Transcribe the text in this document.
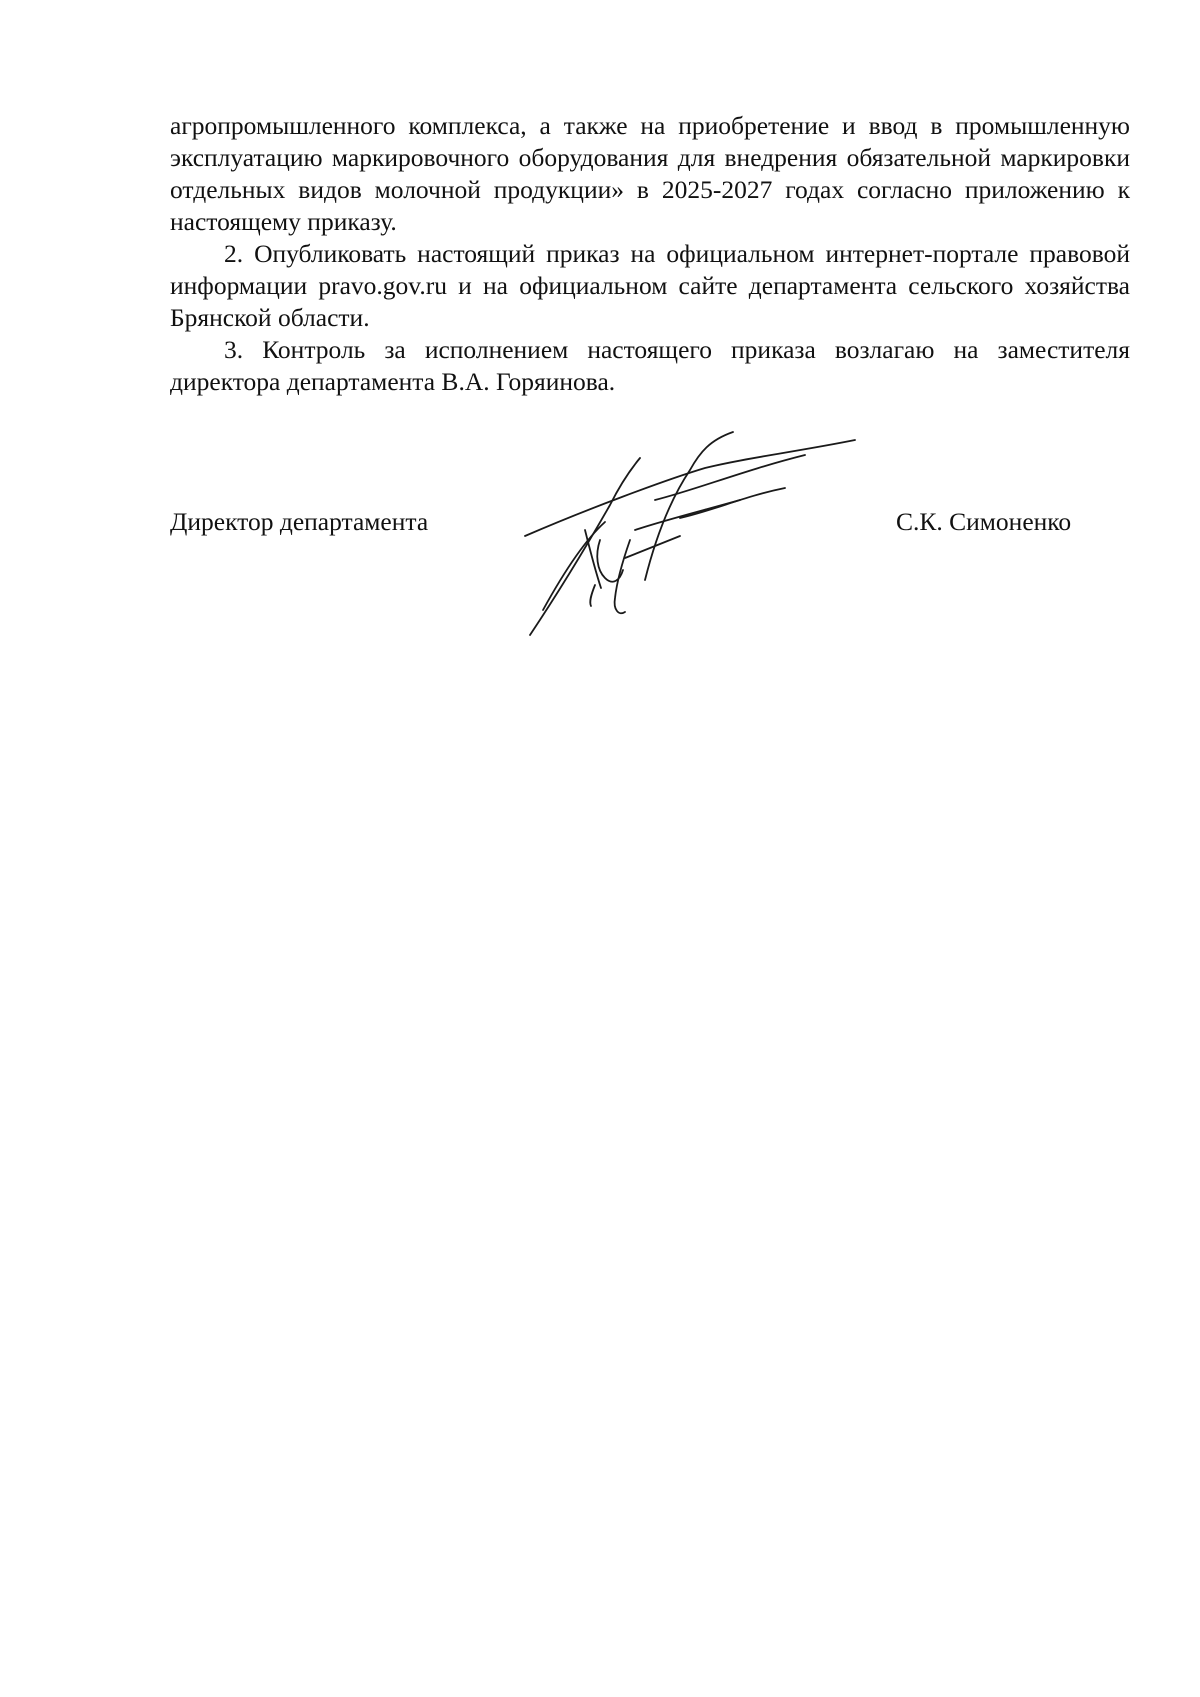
агропромышленного комплекса, а также на приобретение и ввод в промышленную эксплуатацию маркировочного оборудования для внедрения обязательной маркировки отдельных видов молочной продукции» в 2025-2027 годах согласно приложению к настоящему приказу.

2. Опубликовать настоящий приказ на официальном интернет-портале правовой информации pravo.gov.ru и на официальном сайте департамента сельского хозяйства Брянской области.

3. Контроль за исполнением настоящего приказа возлагаю на заместителя директора департамента В.А. Горяинова.

Директор департамента	С.К. Симоненко
